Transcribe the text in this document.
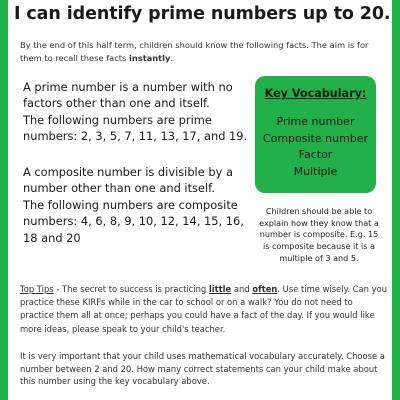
I can identify prime numbers up to 20.

By the end of this half term, children should know the following facts. The aim is for them to recall these facts instantly.

A prime number is a number with no factors other than one and itself.

The following numbers are prime numbers: 2, 3, 5, 7, 11, 13, 17, and 19.

A composite number is divisible by a number other than one and itself.

The following numbers are composite numbers: 4, 6, 8, 9, 10, 12, 14, 15, 16, 18 and 20

Key Vocabulary:
Prime number
Composite number
Factor
Multiple

Children should be able to explain how they know that a number is composite. E.g. 15 is composite because it is a multiple of 3 and 5.

Top Tips - The secret to success is practicing little and often. Use time wisely. Can you practice these KIRFs while in the car to school or on a walk? You do not need to practice them all at once; perhaps you could have a fact of the day. If you would like more ideas, please speak to your child's teacher.

It is very important that your child uses mathematical vocabulary accurately. Choose a number between 2 and 20. How many correct statements can your child make about this number using the key vocabulary above.
